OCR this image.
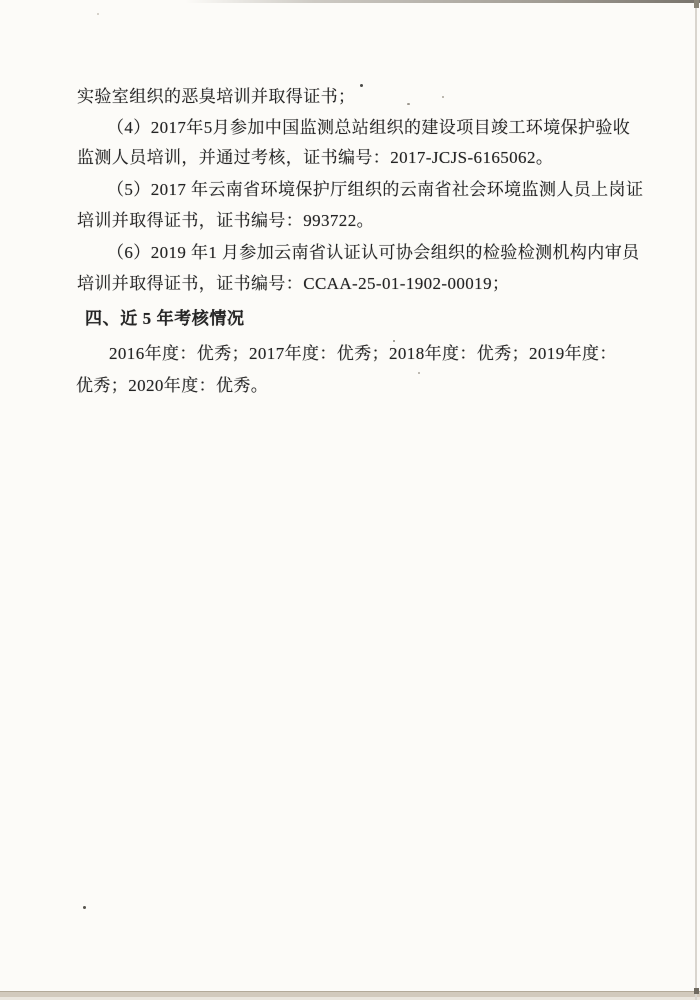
实验室组织的恶臭培训并取得证书；
（4）2017年5月参加中国监测总站组织的建设项目竣工环境保护验收
监测人员培训，并通过考核，证书编号：2017-JCJS-6165062。
（5）2017 年云南省环境保护厅组织的云南省社会环境监测人员上岗证
培训并取得证书，证书编号：993722。
（6）2019 年1 月参加云南省认证认可协会组织的检验检测机构内审员
培训并取得证书，证书编号：CCAA-25-01-1902-00019；
四、近 5 年考核情况
2016年度：优秀；2017年度：优秀；2018年度：优秀；2019年度：
优秀；2020年度：优秀。
